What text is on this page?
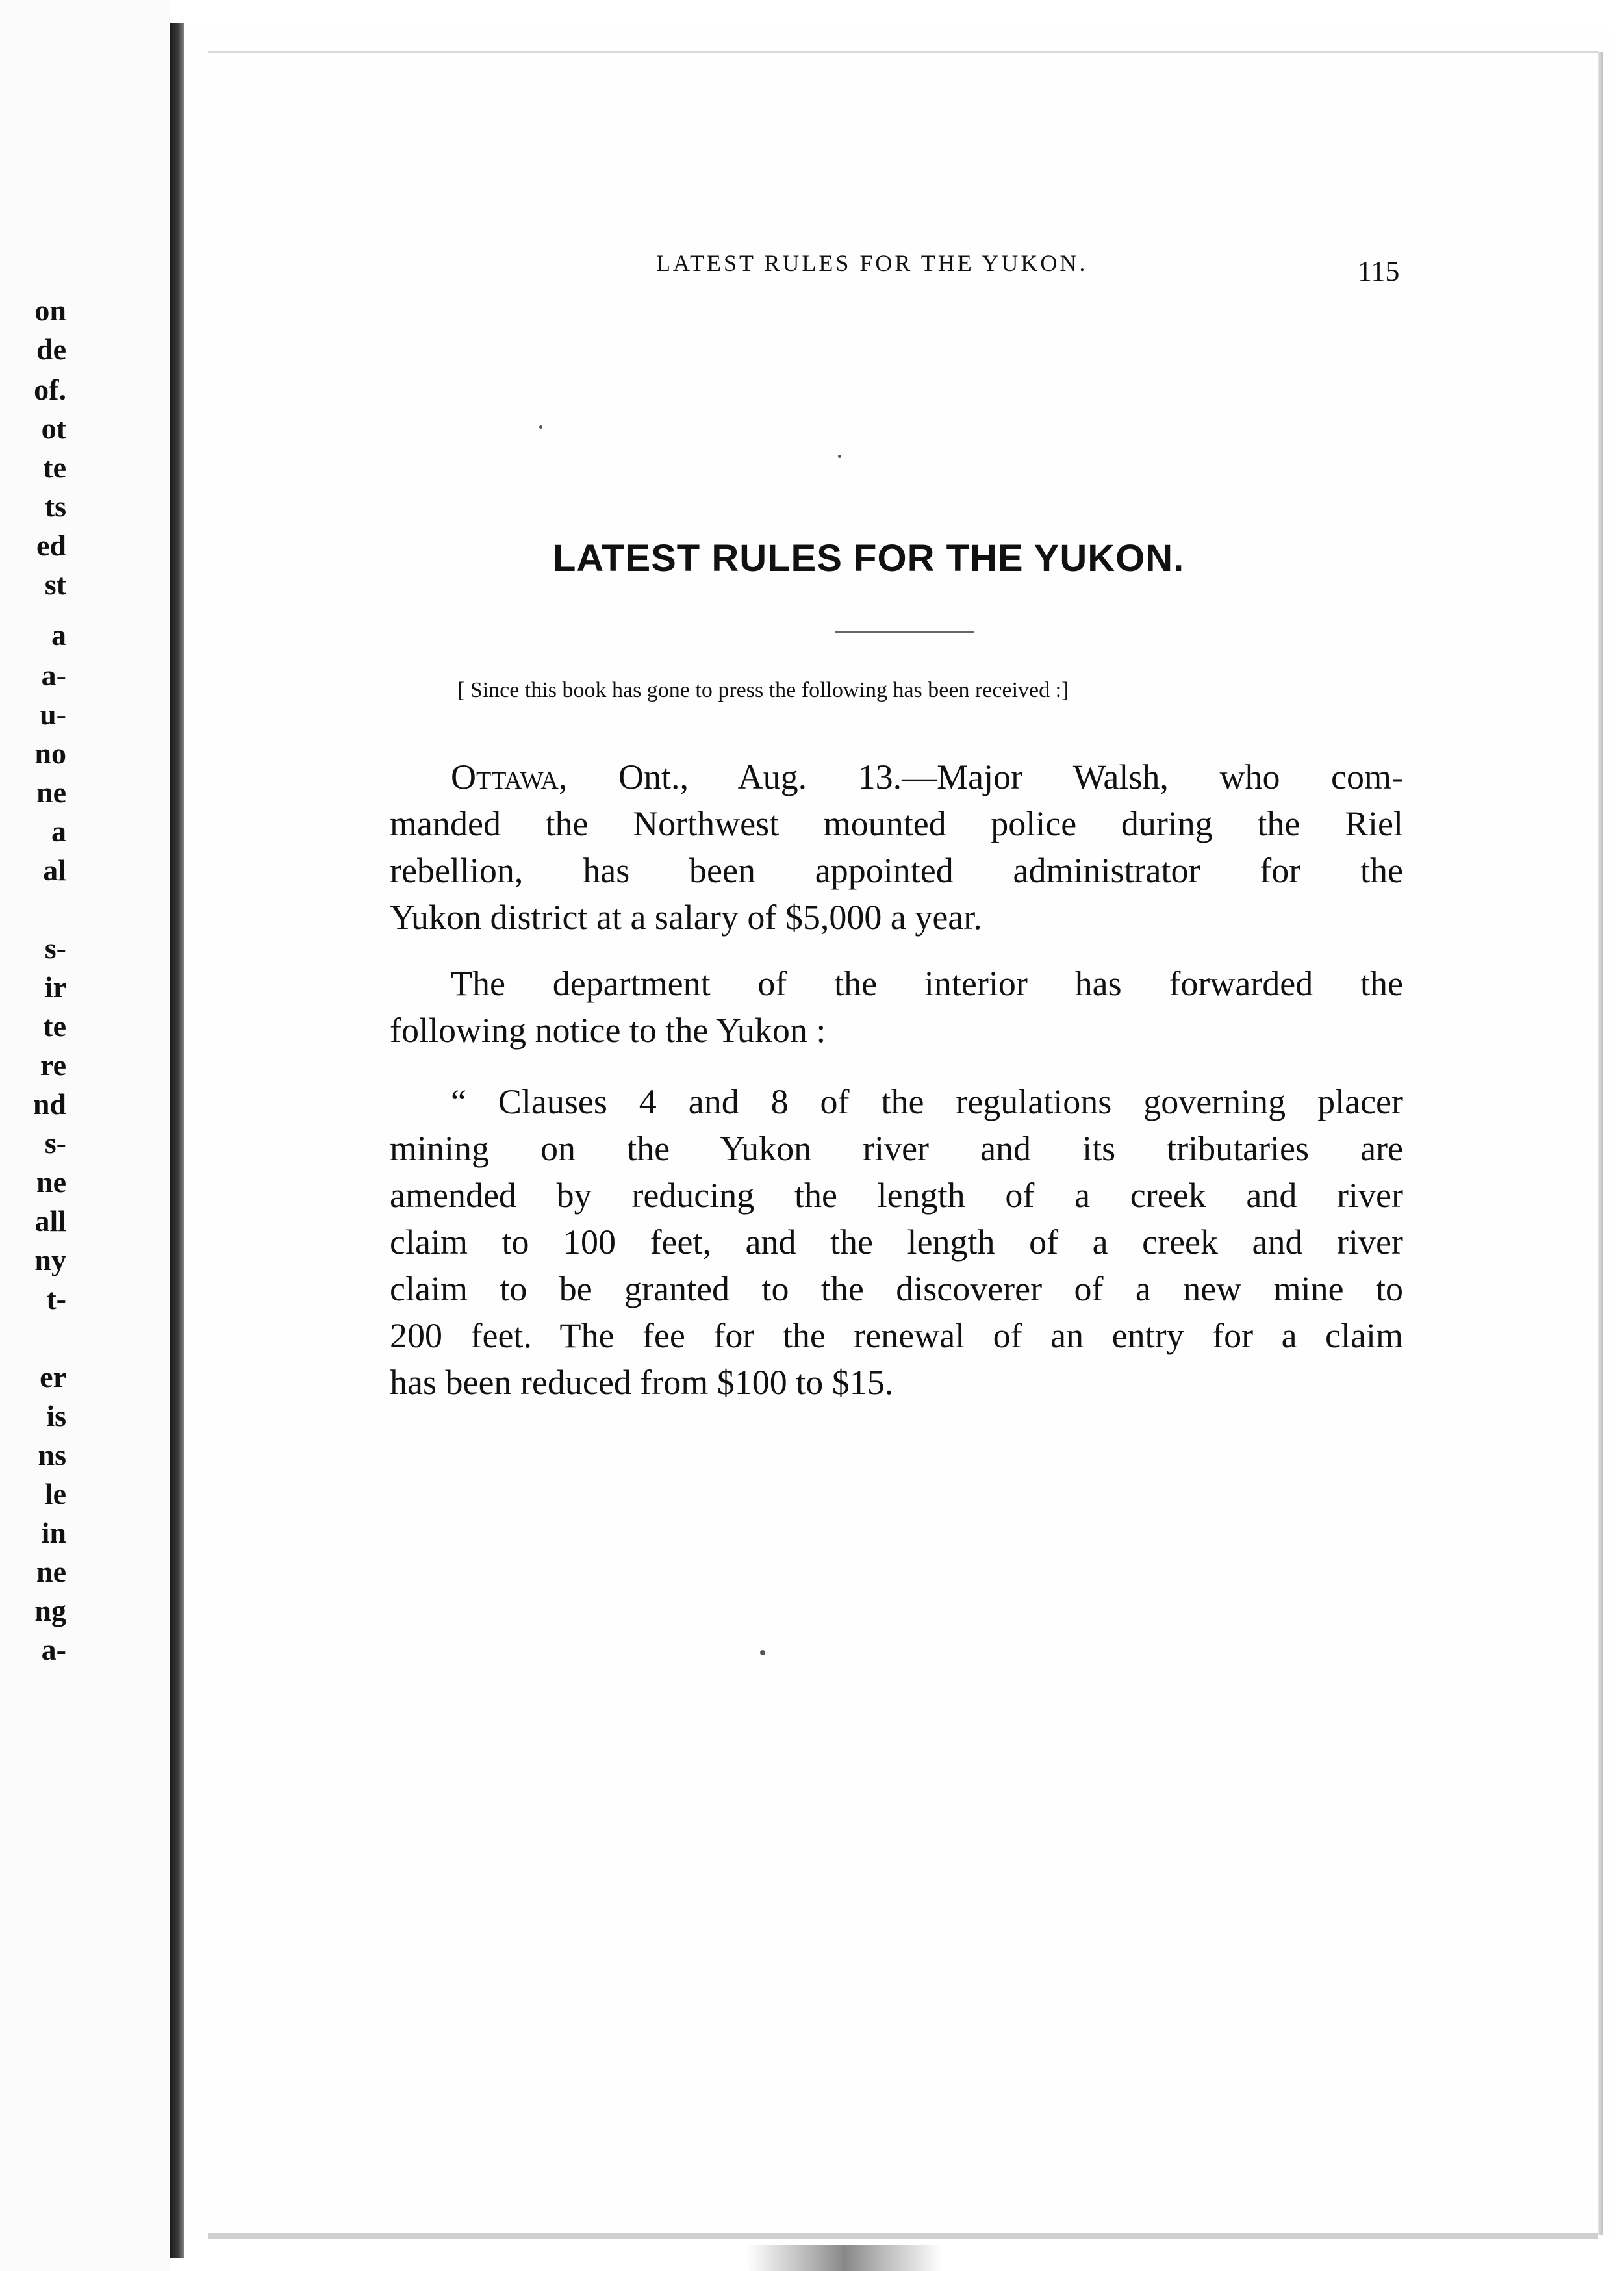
on
de
of.
ot
te
ts
ed
st
a
a-
u-
no
ne
a
al
s-
ir
te
re
nd
s-
ne
all
ny
t-
er
is
ns
le
in
ne
ng
a-
LATEST RULES FOR THE YUKON.	115
LATEST RULES FOR THE YUKON.
[ Since this book has gone to press the following has been received :]
Ottawa, Ont., Aug. 13.—Major Walsh, who com-
manded the Northwest mounted police during the Riel
rebellion, has been appointed administrator for the
Yukon district at a salary of $5,000 a year.
The department of the interior has forwarded the
following notice to the Yukon :
“ Clauses 4 and 8 of the regulations governing placer
mining on the Yukon river and its tributaries are
amended by reducing the length of a creek and river
claim to 100 feet, and the length of a creek and river
claim to be granted to the discoverer of a new mine to
200 feet. The fee for the renewal of an entry for a claim
has been reduced from $100 to $15.
